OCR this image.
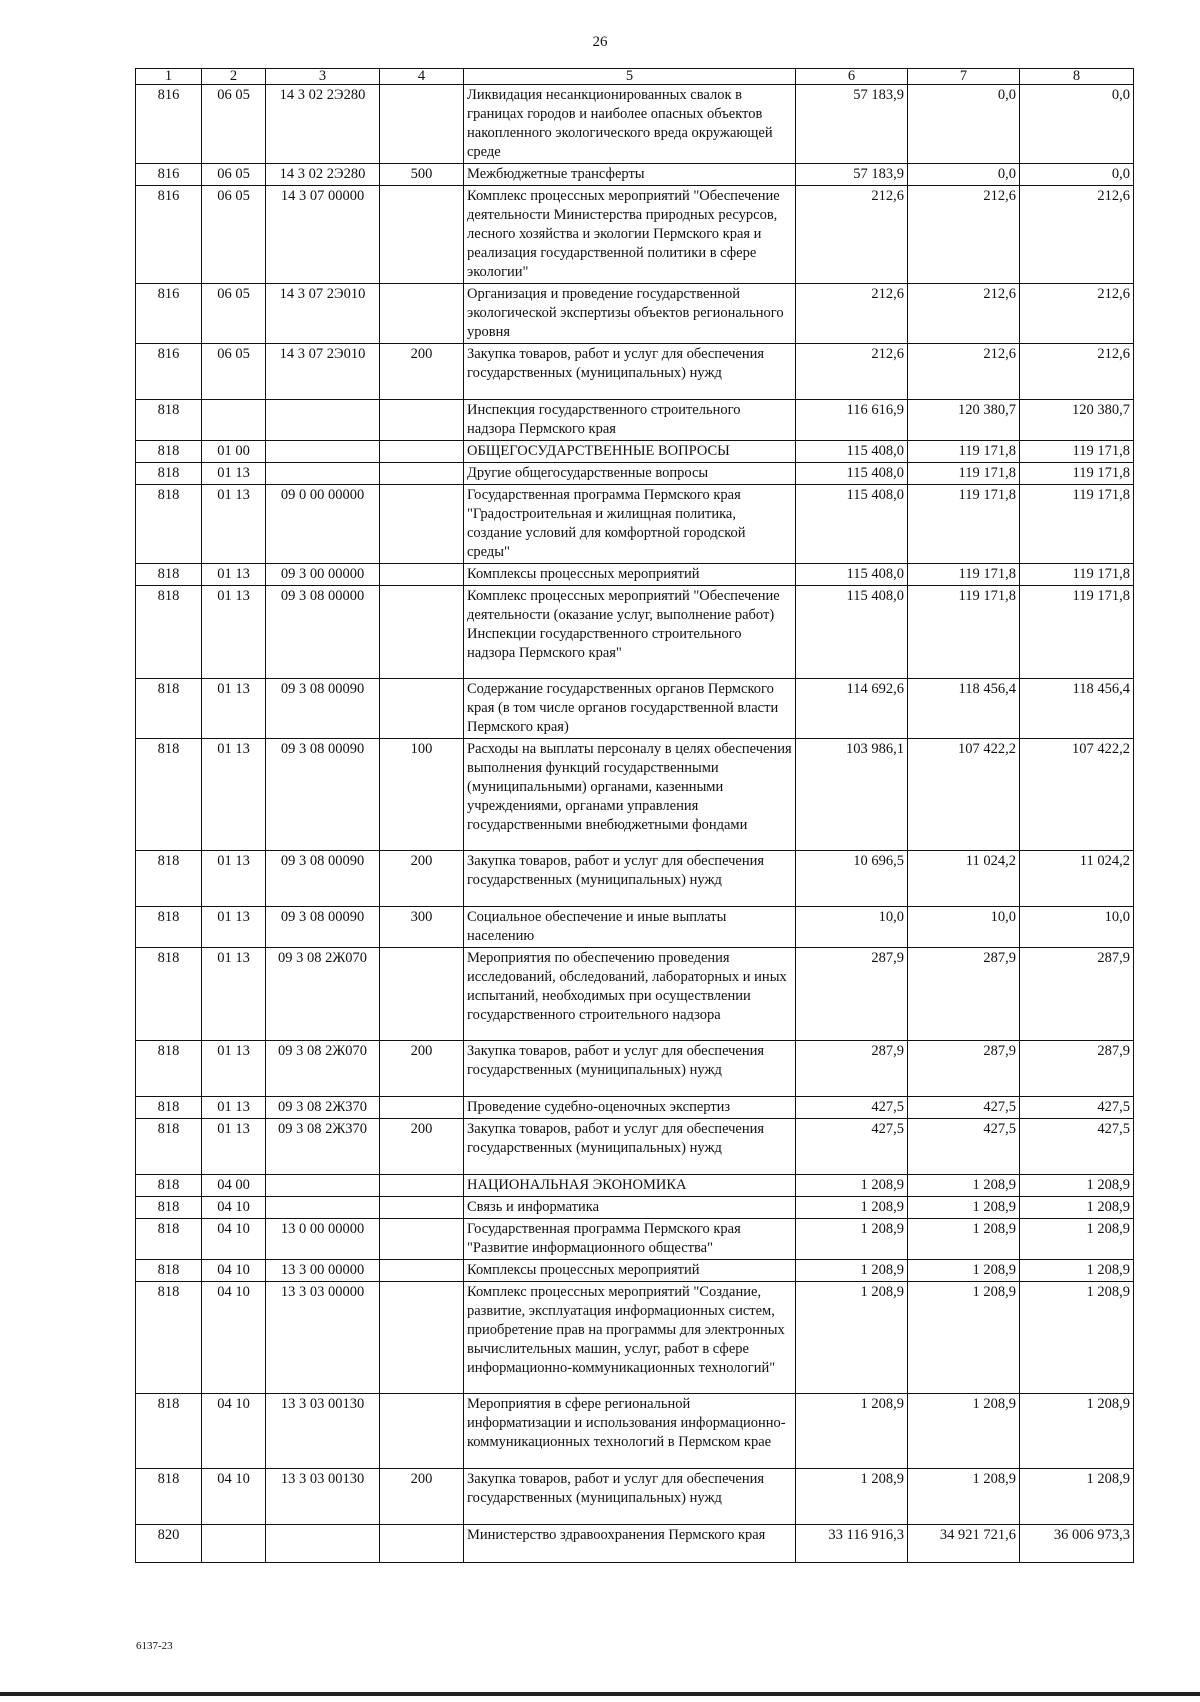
26
1	2	3	4	5	6	7	8
816	06 05	14 3 02 2Э280		Ликвидация несанкционированных свалок в границах городов и наиболее опасных объектов накопленного экологического вреда окружающей среде	57 183,9	0,0	0,0
816	06 05	14 3 02 2Э280	500	Межбюджетные трансферты	57 183,9	0,0	0,0
816	06 05	14 3 07 00000		Комплекс процессных мероприятий "Обеспечение деятельности Министерства природных ресурсов, лесного хозяйства и экологии Пермского края и реализация государственной политики в сфере экологии"	212,6	212,6	212,6
816	06 05	14 3 07 2Э010		Организация и проведение государственной экологической экспертизы объектов регионального уровня	212,6	212,6	212,6
816	06 05	14 3 07 2Э010	200	Закупка товаров, работ и услуг для обеспечения государственных (муниципальных) нужд	212,6	212,6	212,6
818				Инспекция государственного строительного надзора Пермского края	116 616,9	120 380,7	120 380,7
818	01 00			ОБЩЕГОСУДАРСТВЕННЫЕ ВОПРОСЫ	115 408,0	119 171,8	119 171,8
818	01 13			Другие общегосударственные вопросы	115 408,0	119 171,8	119 171,8
818	01 13	09 0 00 00000		Государственная программа Пермского края "Градостроительная и жилищная политика, создание условий для комфортной городской среды"	115 408,0	119 171,8	119 171,8
818	01 13	09 3 00 00000		Комплексы процессных мероприятий	115 408,0	119 171,8	119 171,8
818	01 13	09 3 08 00000		Комплекс процессных мероприятий "Обеспечение деятельности (оказание услуг, выполнение работ) Инспекции государственного строительного надзора Пермского края"	115 408,0	119 171,8	119 171,8
818	01 13	09 3 08 00090		Содержание государственных органов Пермского края (в том числе органов государственной власти Пермского края)	114 692,6	118 456,4	118 456,4
818	01 13	09 3 08 00090	100	Расходы на выплаты персоналу в целях обеспечения выполнения функций государственными (муниципальными) органами, казенными учреждениями, органами управления государственными внебюджетными фондами	103 986,1	107 422,2	107 422,2
818	01 13	09 3 08 00090	200	Закупка товаров, работ и услуг для обеспечения государственных (муниципальных) нужд	10 696,5	11 024,2	11 024,2
818	01 13	09 3 08 00090	300	Социальное обеспечение и иные выплаты населению	10,0	10,0	10,0
818	01 13	09 3 08 2Ж070		Мероприятия по обеспечению проведения исследований, обследований, лабораторных и иных испытаний, необходимых при осуществлении государственного строительного надзора	287,9	287,9	287,9
818	01 13	09 3 08 2Ж070	200	Закупка товаров, работ и услуг для обеспечения государственных (муниципальных) нужд	287,9	287,9	287,9
818	01 13	09 3 08 2Ж370		Проведение судебно-оценочных экспертиз	427,5	427,5	427,5
818	01 13	09 3 08 2Ж370	200	Закупка товаров, работ и услуг для обеспечения государственных (муниципальных) нужд	427,5	427,5	427,5
818	04 00			НАЦИОНАЛЬНАЯ ЭКОНОМИКА	1 208,9	1 208,9	1 208,9
818	04 10			Связь и информатика	1 208,9	1 208,9	1 208,9
818	04 10	13 0 00 00000		Государственная программа Пермского края "Развитие информационного общества"	1 208,9	1 208,9	1 208,9
818	04 10	13 3 00 00000		Комплексы процессных мероприятий	1 208,9	1 208,9	1 208,9
818	04 10	13 3 03 00000		Комплекс процессных мероприятий "Создание, развитие, эксплуатация информационных систем, приобретение прав на программы для электронных вычислительных машин, услуг, работ в сфере информационно-коммуникационных технологий"	1 208,9	1 208,9	1 208,9
818	04 10	13 3 03 00130		Мероприятия в сфере региональной информатизации и использования информационно-коммуникационных технологий в Пермском крае	1 208,9	1 208,9	1 208,9
818	04 10	13 3 03 00130	200	Закупка товаров, работ и услуг для обеспечения государственных (муниципальных) нужд	1 208,9	1 208,9	1 208,9
820				Министерство здравоохранения Пермского края	33 116 916,3	34 921 721,6	36 006 973,3
6137-23
